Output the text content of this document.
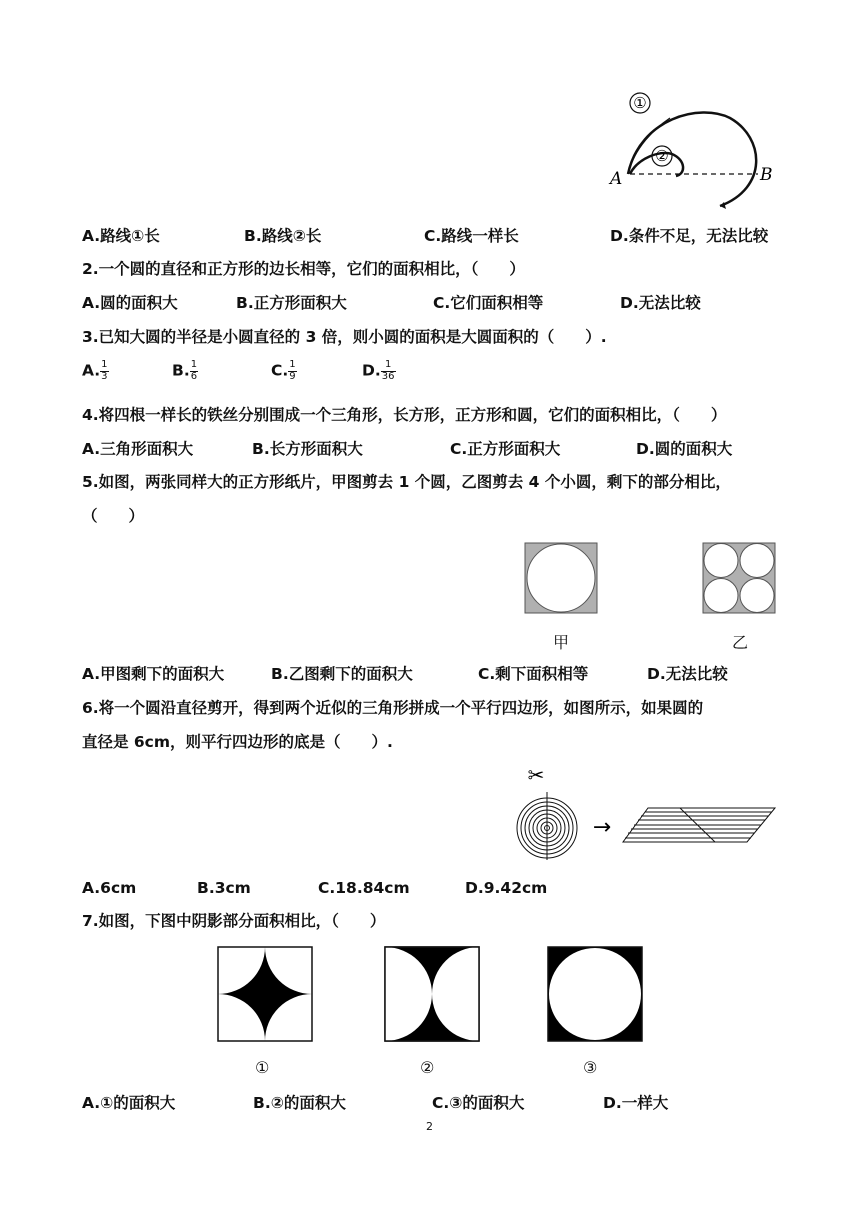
①
②
A	B
A.路线①长	B.路线②长	C.路线一样长	D.条件不足，无法比较
2.一个圆的直径和正方形的边长相等，它们的面积相比，（　　）
A.圆的面积大	B.正方形面积大	C.它们面积相等	D.无法比较
3.已知大圆的半径是小圆直径的 3 倍，则小圆的面积是大圆面积的（　　）.
A. $\frac{1}{3}$	B. $\frac{1}{6}$	C. $\frac{1}{9}$	D. $\frac{1}{36}$
4.将四根一样长的铁丝分别围成一个三角形，长方形，正方形和圆，它们的面积相比，（　　）
A.三角形面积大	B.长方形面积大	C.正方形面积大	D.圆的面积大
5.如图，两张同样大的正方形纸片，甲图剪去 1 个圆，乙图剪去 4 个小圆，剩下的部分相比，
（　　）
甲	乙
A.甲图剩下的面积大	B.乙图剩下的面积大	C.剩下面积相等	D.无法比较
6.将一个圆沿直径剪开，得到两个近似的三角形拼成一个平行四边形，如图所示，如果圆的
直径是 6cm，则平行四边形的底是（　　）.
✂
→
A.6cm	B.3cm	C.18.84cm	D.9.42cm
7.如图，下图中阴影部分面积相比，（　　）
①	②	③
A.①的面积大	B.②的面积大	C.③的面积大	D.一样大
2
